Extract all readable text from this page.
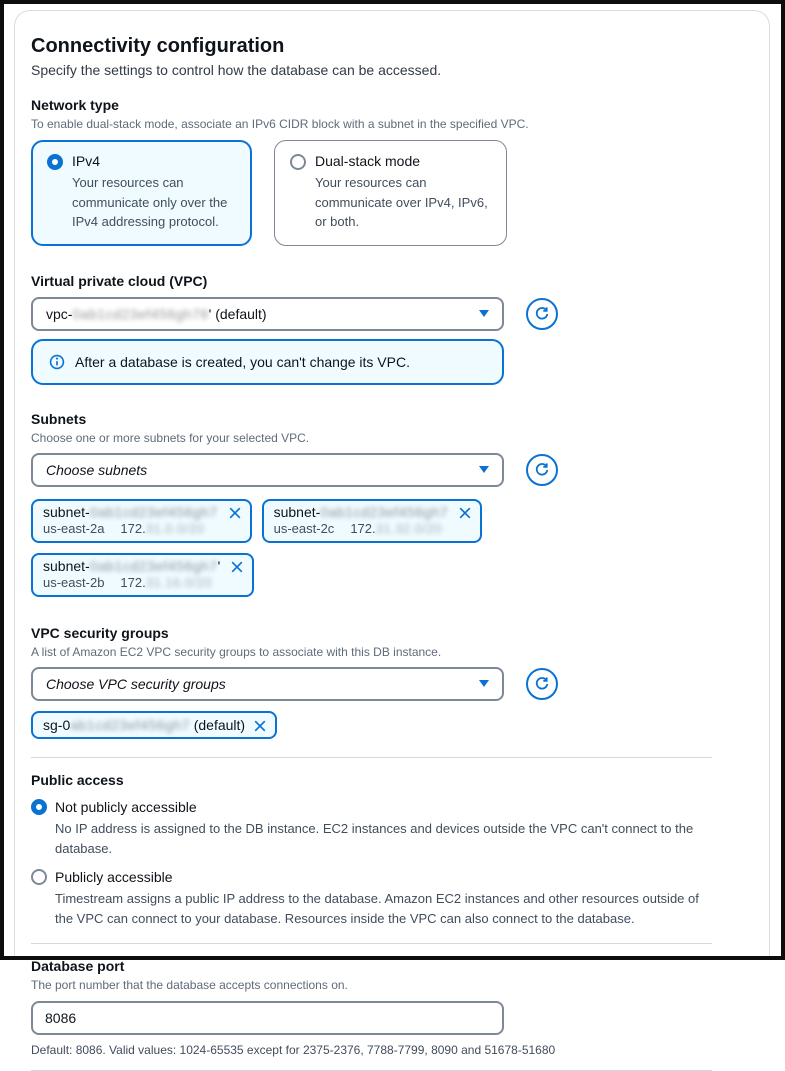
Connectivity configuration

Specify the settings to control how the database can be accessed.

Network type
To enable dual-stack mode, associate an IPv6 CIDR block with a subnet in the specified VPC.
IPv4
Your resources can communicate only over the IPv4 addressing protocol.
Dual-stack mode
Your resources can communicate over IPv4, IPv6, or both.
Virtual private cloud (VPC)
vpc-0ab1cd23ef456gh78' (default)
After a database is created, you can't change its VPC.
Subnets
Choose one or more subnets for your selected VPC.
Choose subnets
subnet-0ab1cd23ef456gh7
us-east-2a 172.31.0.0/20
subnet-0ab1cd23ef456gh7
us-east-2c 172.31.32.0/20
subnet-0ab1cd23ef456gh7'
us-east-2b 172.31.16.0/20
VPC security groups
A list of Amazon EC2 VPC security groups to associate with this DB instance.
Choose VPC security groups
sg-0ab1cd23ef456gh7 (default)
Public access
Not publicly accessible
No IP address is assigned to the DB instance. EC2 instances and devices outside the VPC can't connect to the database.
Publicly accessible
Timestream assigns a public IP address to the database. Amazon EC2 instances and other resources outside of the VPC can connect to your database. Resources inside the VPC can also connect to the database.
Database port
The port number that the database accepts connections on.
8086
Default: 8086. Valid values: 1024-65535 except for 2375-2376, 7788-7799, 8090 and 51678-51680
